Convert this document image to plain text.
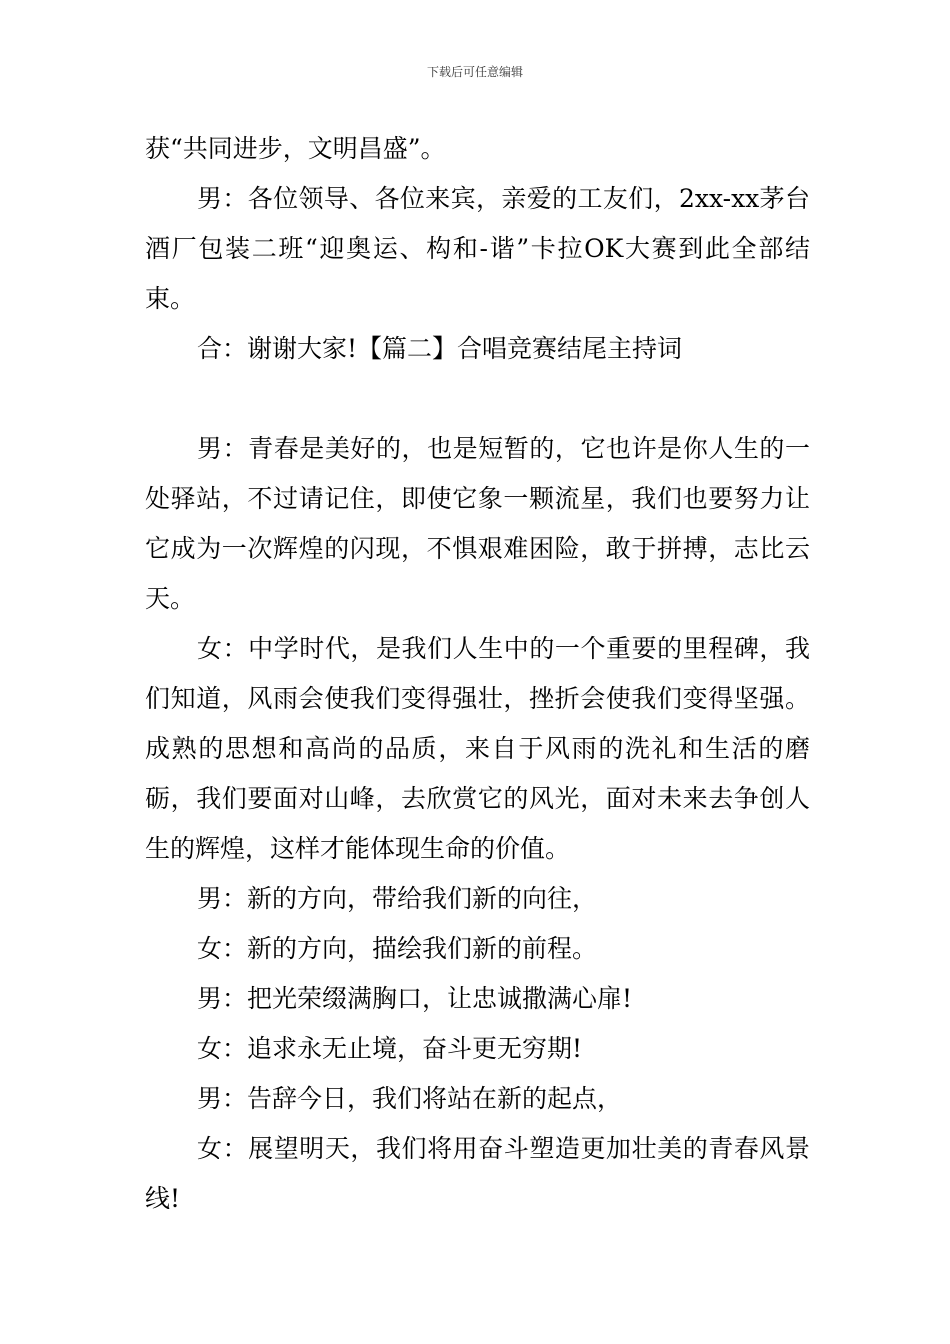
下载后可任意编辑

获“共同进步，文明昌盛”。

男：各位领导、各位来宾，亲爱的工友们，2xx-xx茅台酒厂包装二班“迎奥运、构和-谐”卡拉OK大赛到此全部结束。

合：谢谢大家!【篇二】合唱竞赛结尾主持词

男：青春是美好的，也是短暂的，它也许是你人生的一处驿站，不过请记住，即使它象一颗流星，我们也要努力让它成为一次辉煌的闪现，不惧艰难困险，敢于拼搏，志比云天。

女：中学时代，是我们人生中的一个重要的里程碑，我们知道，风雨会使我们变得强壮，挫折会使我们变得坚强。成熟的思想和高尚的品质，来自于风雨的洗礼和生活的磨砺，我们要面对山峰，去欣赏它的风光，面对未来去争创人生的辉煌，这样才能体现生命的价值。

男：新的方向，带给我们新的向往，

女：新的方向，描绘我们新的前程。

男：把光荣缀满胸口，让忠诚撒满心扉!

女：追求永无止境，奋斗更无穷期!

男：告辞今日，我们将站在新的起点，

女：展望明天，我们将用奋斗塑造更加壮美的青春风景线!
